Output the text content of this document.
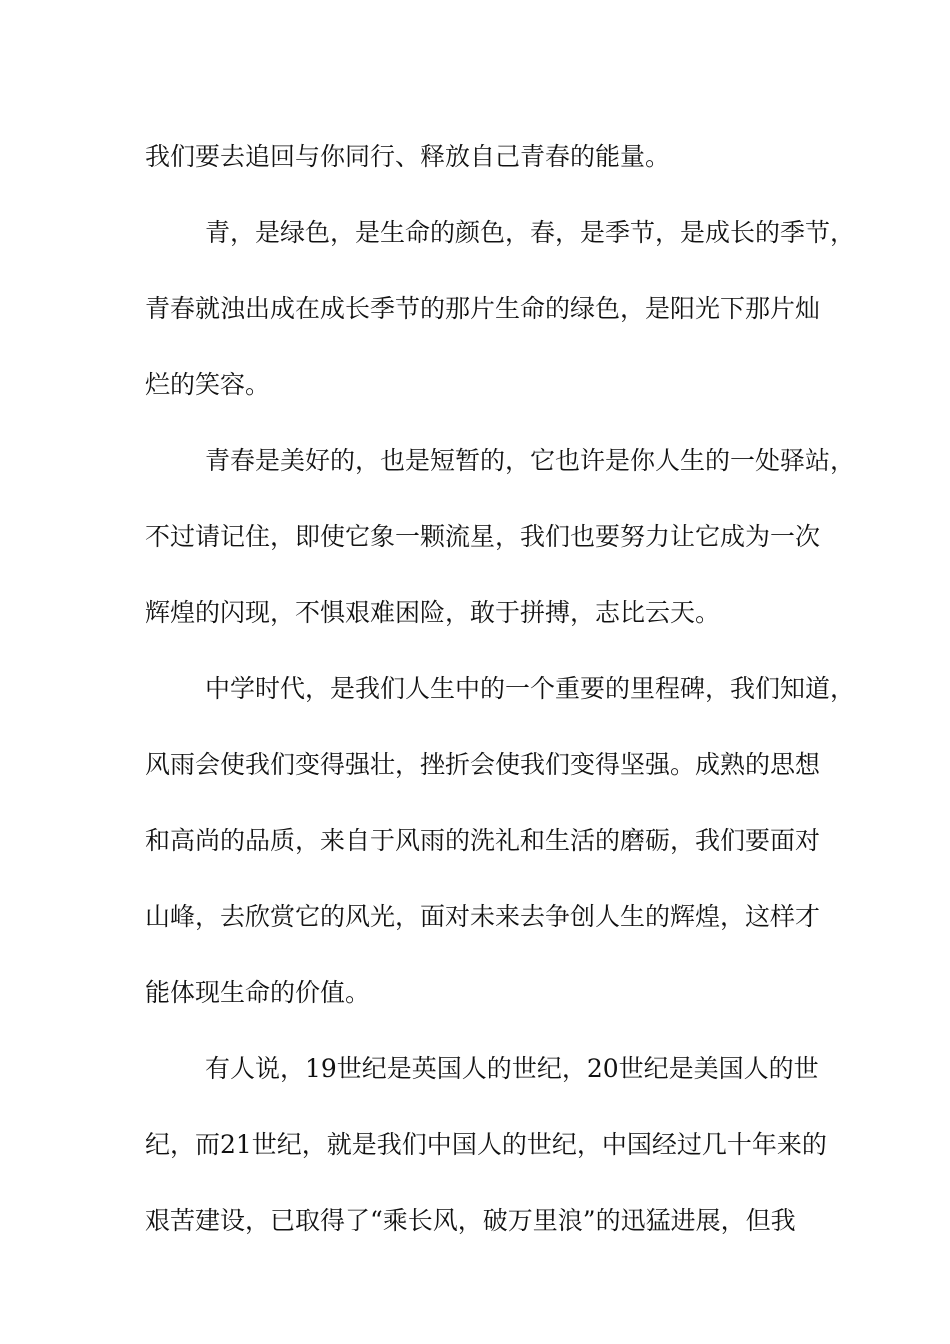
我们要去追回与你同行、释放自己青春的能量。
青，是绿色，是生命的颜色，春，是季节，是成长的季节，
青春就浊出成在成长季节的那片生命的绿色，是阳光下那片灿
烂的笑容。
青春是美好的，也是短暂的，它也许是你人生的一处驿站，
不过请记住，即使它象一颗流星，我们也要努力让它成为一次
辉煌的闪现，不惧艰难困险，敢于拼搏，志比云天。
中学时代，是我们人生中的一个重要的里程碑，我们知道，
风雨会使我们变得强壮，挫折会使我们变得坚强。成熟的思想
和高尚的品质，来自于风雨的洗礼和生活的磨砺，我们要面对
山峰，去欣赏它的风光，面对未来去争创人生的辉煌，这样才
能体现生命的价值。
有人说，19世纪是英国人的世纪，20世纪是美国人的世
纪，而21世纪，就是我们中国人的世纪，中国经过几十年来的
艰苦建设，已取得了“乘长风，破万里浪”的迅猛进展，但我
